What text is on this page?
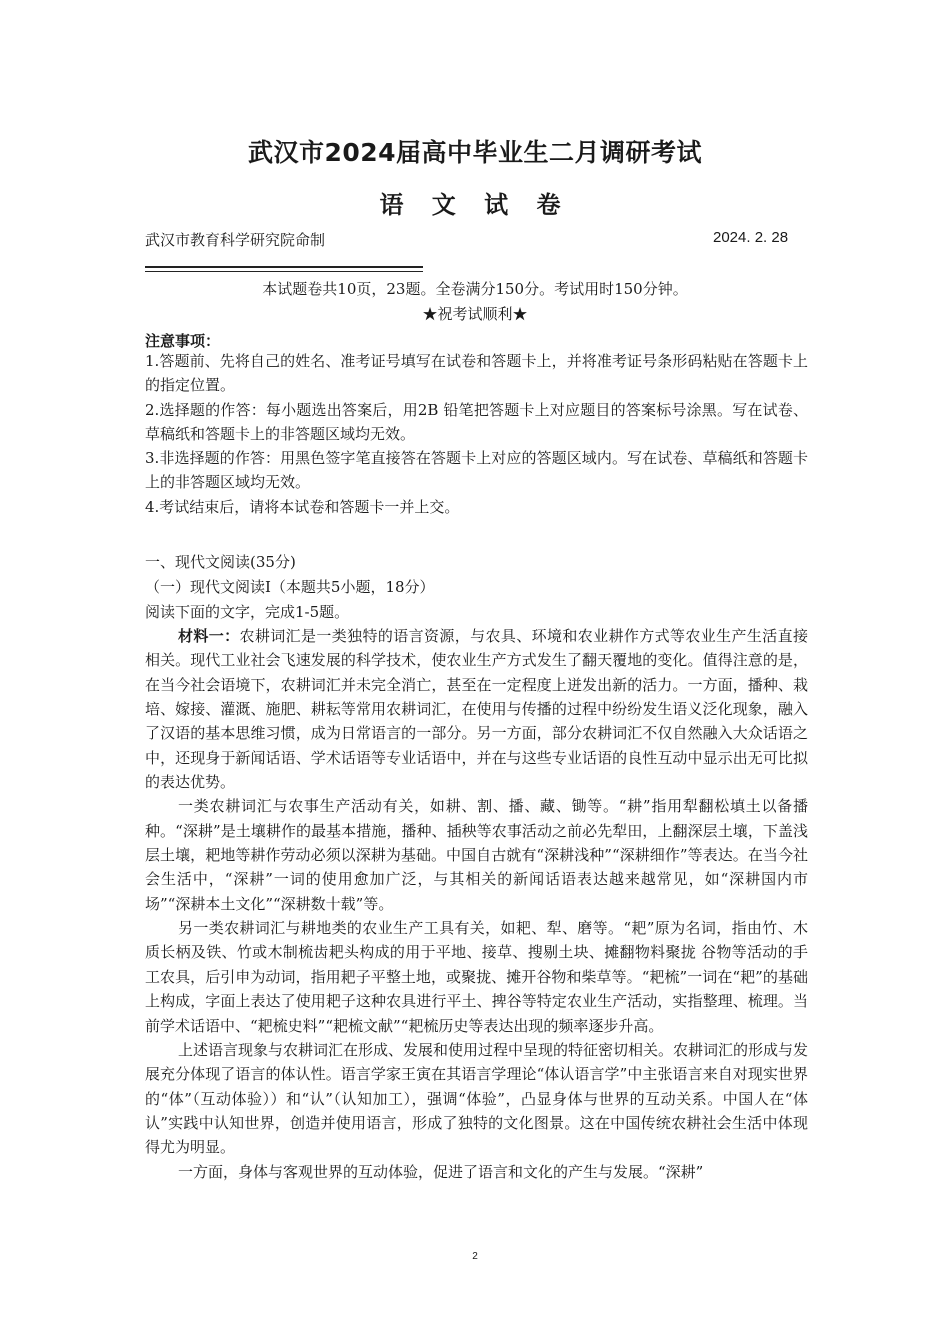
武汉市2024届高中毕业生二月调研考试
语 文 试 卷
武汉市教育科学研究院命制	2024. 2. 28
本试题卷共10页，23题。全卷满分150分。考试用时150分钟。
★祝考试顺利★
注意事项：

1.答题前、先将自己的姓名、准考证号填写在试卷和答题卡上，并将准考证号条形码粘贴在答题卡上的指定位置。

2.选择题的作答：每小题选出答案后，用2B 铅笔把答题卡上对应题目的答案标号涂黑。写在试卷、草稿纸和答题卡上的非答题区域均无效。

3.非选择题的作答：用黑色签字笔直接答在答题卡上对应的答题区域内。写在试卷、草稿纸和答题卡上的非答题区域均无效。

4.考试结束后，请将本试卷和答题卡一并上交。

一、现代文阅读(35分)
（一）现代文阅读Ⅰ（本题共5小题，18分）
阅读下面的文字，完成1-5题。

材料一：农耕词汇是一类独特的语言资源，与农具、环境和农业耕作方式等农业生产生活直接相关。现代工业社会飞速发展的科学技术，使农业生产方式发生了翻天覆地的变化。值得注意的是，在当今社会语境下，农耕词汇并未完全消亡，甚至在一定程度上迸发出新的活力。一方面，播种、栽培、嫁接、灌溉、施肥、耕耘等常用农耕词汇，在使用与传播的过程中纷纷发生语义泛化现象，融入了汉语的基本思维习惯，成为日常语言的一部分。另一方面，部分农耕词汇不仅自然融入大众话语之中，还现身于新闻话语、学术话语等专业话语中，并在与这些专业话语的良性互动中显示出无可比拟的表达优势。

一类农耕词汇与农事生产活动有关，如耕、割、播、藏、锄等。“耕”指用犁翻松填土以备播种。“深耕”是土壤耕作的最基本措施，播种、插秧等农事活动之前必先犁田，上翻深层土壤，下盖浅层土壤，耙地等耕作劳动必须以深耕为基础。中国自古就有“深耕浅种”“深耕细作”等表达。在当今社会生活中，“深耕”一词的使用愈加广泛，与其相关的新闻话语表达越来越常见，如“深耕国内市场”“深耕本土文化”“深耕数十载”等。

另一类农耕词汇与耕地类的农业生产工具有关，如耙、犁、磨等。“耙”原为名词，指由竹、木质长柄及铁、竹或木制梳齿耙头构成的用于平地、接草、搜剔土块、摊翻物料聚拢 谷物等活动的手工农具，后引申为动词，指用耙子平整土地，或聚拢、摊开谷物和柴草等。“耙梳”一词在“耙”的基础上构成，字面上表达了使用耙子这种农具进行平土、捭谷等特定农业生产活动，实指整理、梳理。当前学术话语中、“耙梳史料”“耙梳文献”“耙梳历史等表达出现的频率逐步升高。

上述语言现象与农耕词汇在形成、发展和使用过程中呈现的特征密切相关。农耕词汇的形成与发展充分体现了语言的体认性。语言学家王寅在其语言学理论“体认语言学”中主张语言来自对现实世界的“体”（互动体验））和“认”（认知加工），强调“体验”，凸显身体与世界的互动关系。中国人在“体认”实践中认知世界，创造并使用语言，形成了独特的文化图景。这在中国传统农耕社会生活中体现得尤为明显。

一方面，身体与客观世界的互动体验，促进了语言和文化的产生与发展。“深耕”

2
